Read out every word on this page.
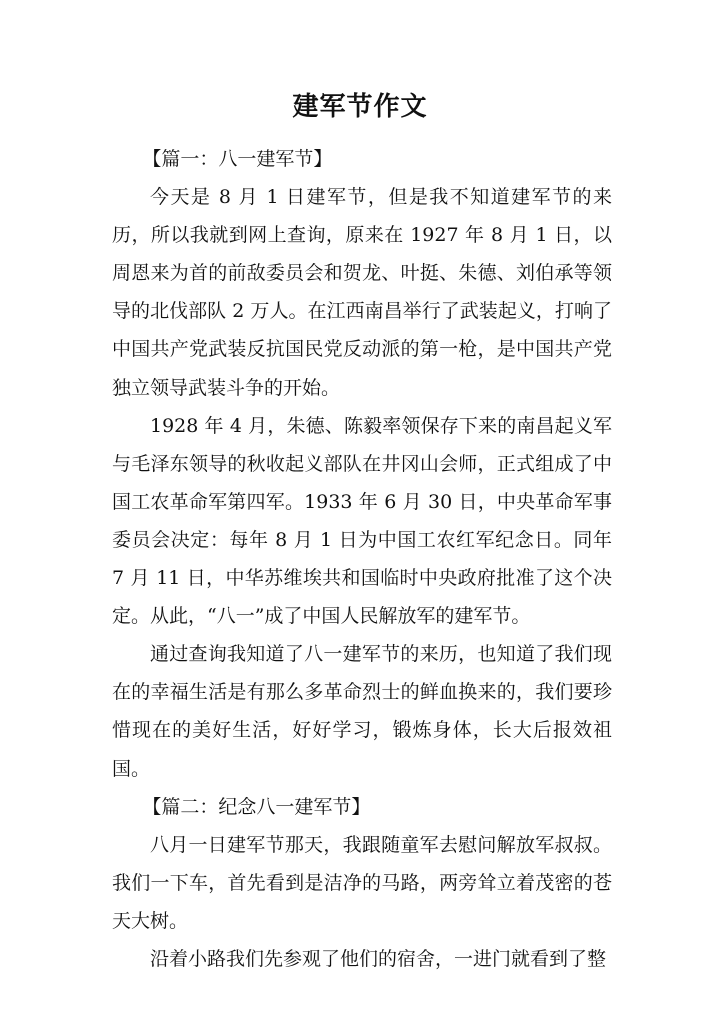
建军节作文

【篇一：八一建军节】

今天是 8 月 1 日建军节，但是我不知道建军节的来历，所以我就到网上查询，原来在 1927 年 8 月 1 日，以周恩来为首的前敌委员会和贺龙、叶挺、朱德、刘伯承等领导的北伐部队 2 万人。在江西南昌举行了武装起义，打响了中国共产党武装反抗国民党反动派的第一枪，是中国共产党独立领导武装斗争的开始。

1928 年 4 月，朱德、陈毅率领保存下来的南昌起义军与毛泽东领导的秋收起义部队在井冈山会师，正式组成了中国工农革命军第四军。1933 年 6 月 30 日，中央革命军事委员会决定：每年 8 月 1 日为中国工农红军纪念日。同年 7 月 11 日，中华苏维埃共和国临时中央政府批准了这个决定。从此，“八一”成了中国人民解放军的建军节。

通过查询我知道了八一建军节的来历，也知道了我们现在的幸福生活是有那么多革命烈士的鲜血换来的，我们要珍惜现在的美好生活，好好学习，锻炼身体，长大后报效祖国。

【篇二：纪念八一建军节】

八月一日建军节那天，我跟随童军去慰问解放军叔叔。我们一下车，首先看到是洁净的马路，两旁耸立着茂密的苍天大树。

沿着小路我们先参观了他们的宿舍，一进门就看到了整
